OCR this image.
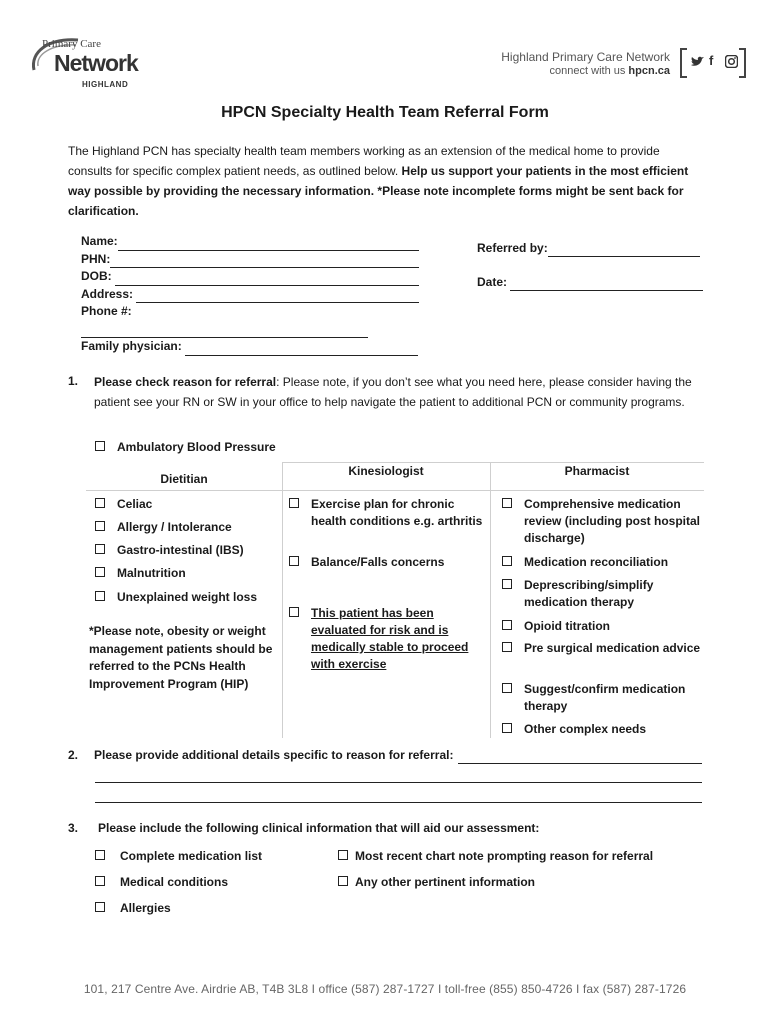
Primary Care
Network
HIGHLAND
Highland Primary Care Network
connect with us hpcn.ca
f
HPCN Specialty Health Team Referral Form
The Highland PCN has specialty health team members working as an extension of the medical home to provide consults for specific complex patient needs, as outlined below. Help us support your patients in the most efficient way possible by providing the necessary information. *Please note incomplete forms might be sent back for clarification.
Name:
PHN:
DOB:
Address:
Phone #:
Family physician:
Referred by:
Date:
1. Please check reason for referral: Please note, if you don’t see what you need here, please consider having the patient see your RN or SW in your office to help navigate the patient to additional PCN or community programs.
Ambulatory Blood Pressure
Dietitian
Kinesiologist	Pharmacist
Celiac
Allergy / Intolerance
Gastro-intestinal (IBS)
Malnutrition
Unexplained weight loss
*Please note, obesity or weight management patients should be referred to the PCNs Health Improvement Program (HIP)
Exercise plan for chronic health conditions e.g. arthritis
Balance/Falls concerns
This patient has been evaluated for risk and is medically stable to proceed with exercise
Comprehensive medication review (including post hospital discharge)
Medication reconciliation
Deprescribing/simplify medication therapy
Opioid titration
Pre surgical medication advice
Suggest/confirm medication therapy
Other complex needs
2. Please provide additional details specific to reason for referral:
3. Please include the following clinical information that will aid our assessment:
Complete medication list
Medical conditions
Allergies
Most recent chart note prompting reason for referral
Any other pertinent information
101, 217 Centre Ave. Airdrie AB, T4B 3L8 I office (587) 287-1727 I toll-free (855) 850-4726 I fax (587) 287-1726
